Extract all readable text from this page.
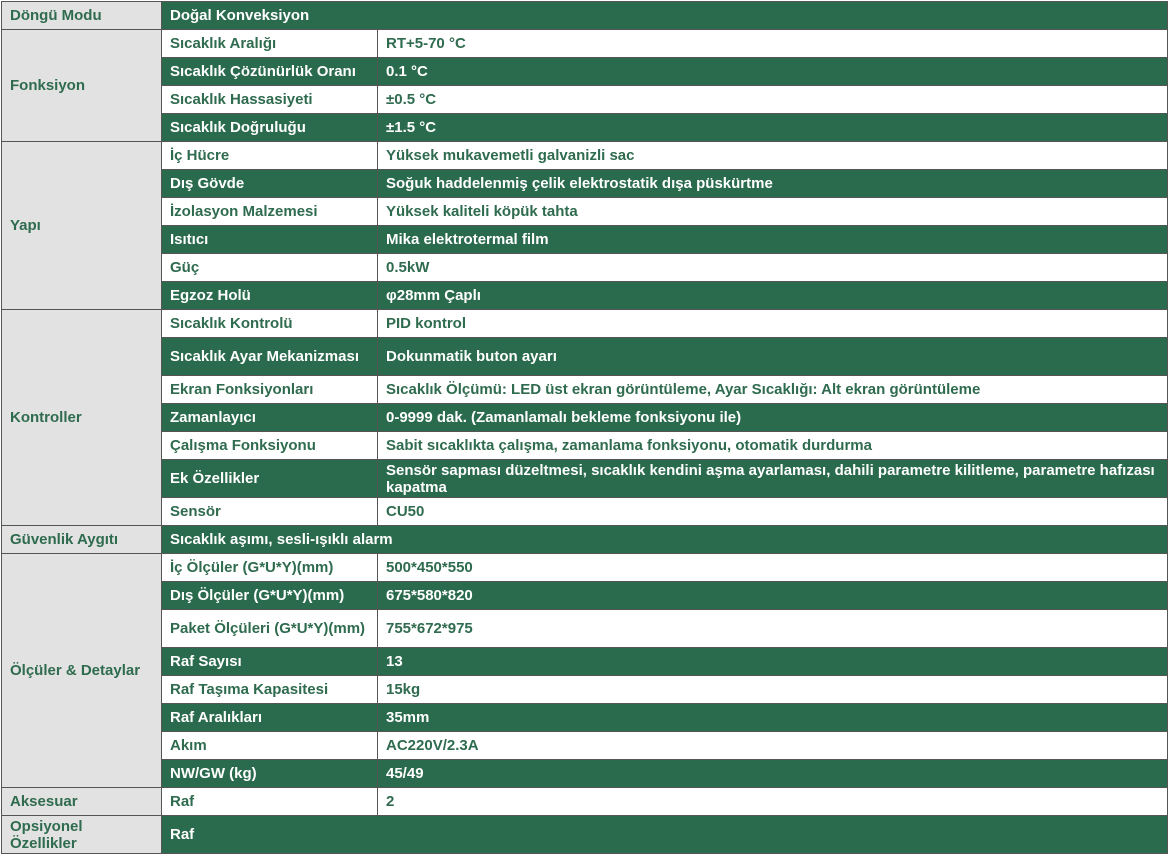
Döngü Modu	Doğal Konveksiyon	
Fonksiyon	Sıcaklık Aralığı	RT+5-70 °C
	Sıcaklık Çözünürlük Oranı	0.1 °C
	Sıcaklık Hassasiyeti	±0.5 °C
	Sıcaklık Doğruluğu	±1.5 °C
Yapı	İç Hücre	Yüksek mukavemetli galvanizli sac
	Dış Gövde	Soğuk haddelenmiş çelik elektrostatik dışa püskürtme
	İzolasyon Malzemesi	Yüksek kaliteli köpük tahta
	Isıtıcı	Mika elektrotermal film
	Güç	0.5kW
	Egzoz Holü	φ28mm Çaplı
Kontroller	Sıcaklık Kontrolü	PID kontrol
	Sıcaklık Ayar Mekanizması	Dokunmatik buton ayarı
	Ekran Fonksiyonları	Sıcaklık Ölçümü: LED üst ekran görüntüleme, Ayar Sıcaklığı: Alt ekran görüntüleme
	Zamanlayıcı	0-9999 dak. (Zamanlamalı bekleme fonksiyonu ile)
	Çalışma Fonksiyonu	Sabit sıcaklıkta çalışma, zamanlama fonksiyonu, otomatik durdurma
	Ek Özellikler	Sensör sapması düzeltmesi, sıcaklık kendini aşma ayarlaması, dahili parametre kilitleme, parametre hafızası kapatma
	Sensör	CU50
Güvenlik Aygıtı	Sıcaklık aşımı, sesli-ışıklı alarm	
Ölçüler & Detaylar	İç Ölçüler (G*U*Y)(mm)	500*450*550
	Dış Ölçüler (G*U*Y)(mm)	675*580*820
	Paket Ölçüleri (G*U*Y)(mm)	755*672*975
	Raf Sayısı	13
	Raf Taşıma Kapasitesi	15kg
	Raf Aralıkları	35mm
	Akım	AC220V/2.3A
	NW/GW (kg)	45/49
Aksesuar	Raf	2
Opsiyonel Özellikler	Raf	
